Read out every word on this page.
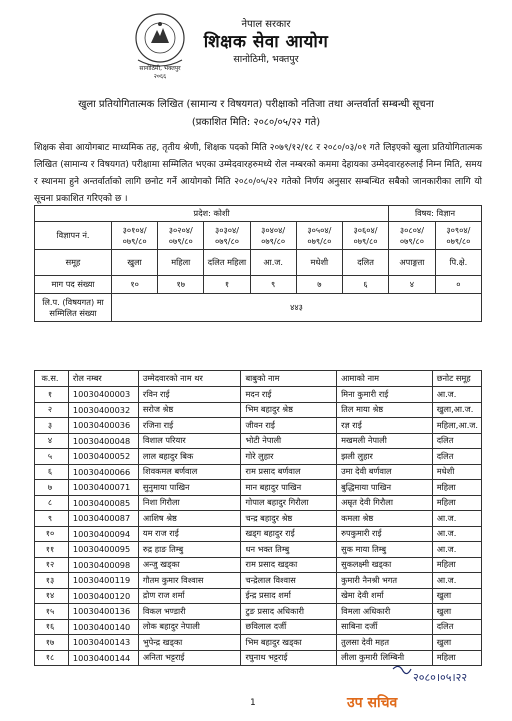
सानोठिमी, भक्तपुर
२०६६
नेपाल सरकार
शिक्षक सेवा आयोग
सानोठिमी, भक्तपुर
खुला प्रतियोगितात्मक लिखित (सामान्य र विषयगत) परीक्षाको नतिजा तथा अन्तर्वार्ता सम्बन्धी सूचना
(प्रकाशित मिति: २०८०/०५/२२ गते)
शिक्षक सेवा आयोगबाट माध्यमिक तह, तृतीय श्रेणी, शिक्षक पदको मिति २०७९/१२/१८ र २०८०/०३/०१ गते लिइएको खुला प्रतियोगितात्मक लिखित (सामान्य र विषयगत) परीक्षामा सम्मिलित भएका उम्मेदवारहरुमध्ये रोल नम्बरको कममा देहायका उम्मेदवारहरुलाई निम्न मिति, समय र स्थानमा हुने अन्तर्वार्ताको लागि छनोट गर्ने आयोगको मिति २०८०/०५/२२ गतेको निर्णय अनुसार सम्बन्धित सबैको जानकारीका लागि यो सूचना प्रकाशित गरिएको छ ।
प्रदेश: कोशी							विषय: विज्ञान	
विज्ञापन नं.	३०१०४/ ०७९/८०	३०२०४/ ०७९/८०	३०३०४/ ०७९/८०	३०४०४/ ०७९/८०	३०५०४/ ०७९/८०	३०६०४/ ०७९/८०	३०८०४/ ०७९/८०	३०९०४/ ०७९/८०
समूह	खुला	महिला	दलित महिला	आ.ज.	मधेशी	दलित	अपाङ्गता	पि.क्षे.
माग पद संख्या	१०	१७	१	९	७	६	४	०
लि.प. (विषयगत) मा सम्मिलित संख्या	४४३							
क.स.	रोल नम्बर	उम्मेदवारको नाम थर	बाबुको नाम	आमाको नाम	छनोट समूह
१	10030400003	रविन राई	मदन राई	मिना कुमारी राई	आ.ज.
२	10030400032	सरोज श्रेष्ठ	भिम बहादुर श्रेष्ठ	तिल माया श्रेष्ठ	खुला,आ.ज.
३	10030400036	रजिना राई	जीवन राई	रज्ञ राई	महिला,आ.ज.
४	10030400048	विशाल परियार	भोटी नेपाली	मखमली नेपाली	दलित
५	10030400052	लाल बहादुर बिक	गोरे लुहार	झली लुहार	दलित
६	10030400066	शिवकमल बर्णवाल	राम प्रसाद बर्णवाल	उमा देवी बर्णवाल	मधेशी
७	10030400071	सुनुमाया पाखिन	मान बहादुर पाखिन	बुद्धिमाया पाखिन	महिला
८	10030400085	निशा गिरौला	गोपाल बहादुर गिरौला	अम्रृत देवी गिरौला	महिला
९	10030400087	आशिष श्रेष्ठ	चन्द्र बहादुर श्रेष्ठ	कमला श्रेष्ठ	आ.ज.
१०	10030400094	यम राज राई	खड्ग बहादुर राई	रुपकुमारी राई	आ.ज.
११	10030400095	रुद्र हाङ तिम्बु	धन भक्त तिम्बु	सुक माया तिम्बु	आ.ज.
१२	10030400098	अन्जु खड्का	राम प्रसाद खड्का	सुकलक्ष्मी खड्का	महिला
१३	10030400119	गौतम कुमार विश्वास	चन्द्रेलाल विश्वास	कुमारी नैनश्री भगत	आ.ज.
१४	10030400120	द्रोण राज शर्मा	ईन्द्र प्रसाद शर्मा	खेमा देवी शर्मा	खुला
१५	10030400136	विकल भण्डारी	टुङ प्रसाद अधिकारी	विमला अधिकारी	खुला
१६	10030400140	लोक बहादुर नेपाली	छविलाल दर्जी	साबिना दर्जी	दलित
१७	10030400143	भुपेन्द्र खड्का	भिम बहादुर खड्का	तुलसा देवी महत	खुला
१८	10030400144	अनिता भट्टराई	रघुनाथ भट्टराई	लीला कुमारी लिम्बिनी	महिला
1
२०८०।०५।२२
उप सचिव
